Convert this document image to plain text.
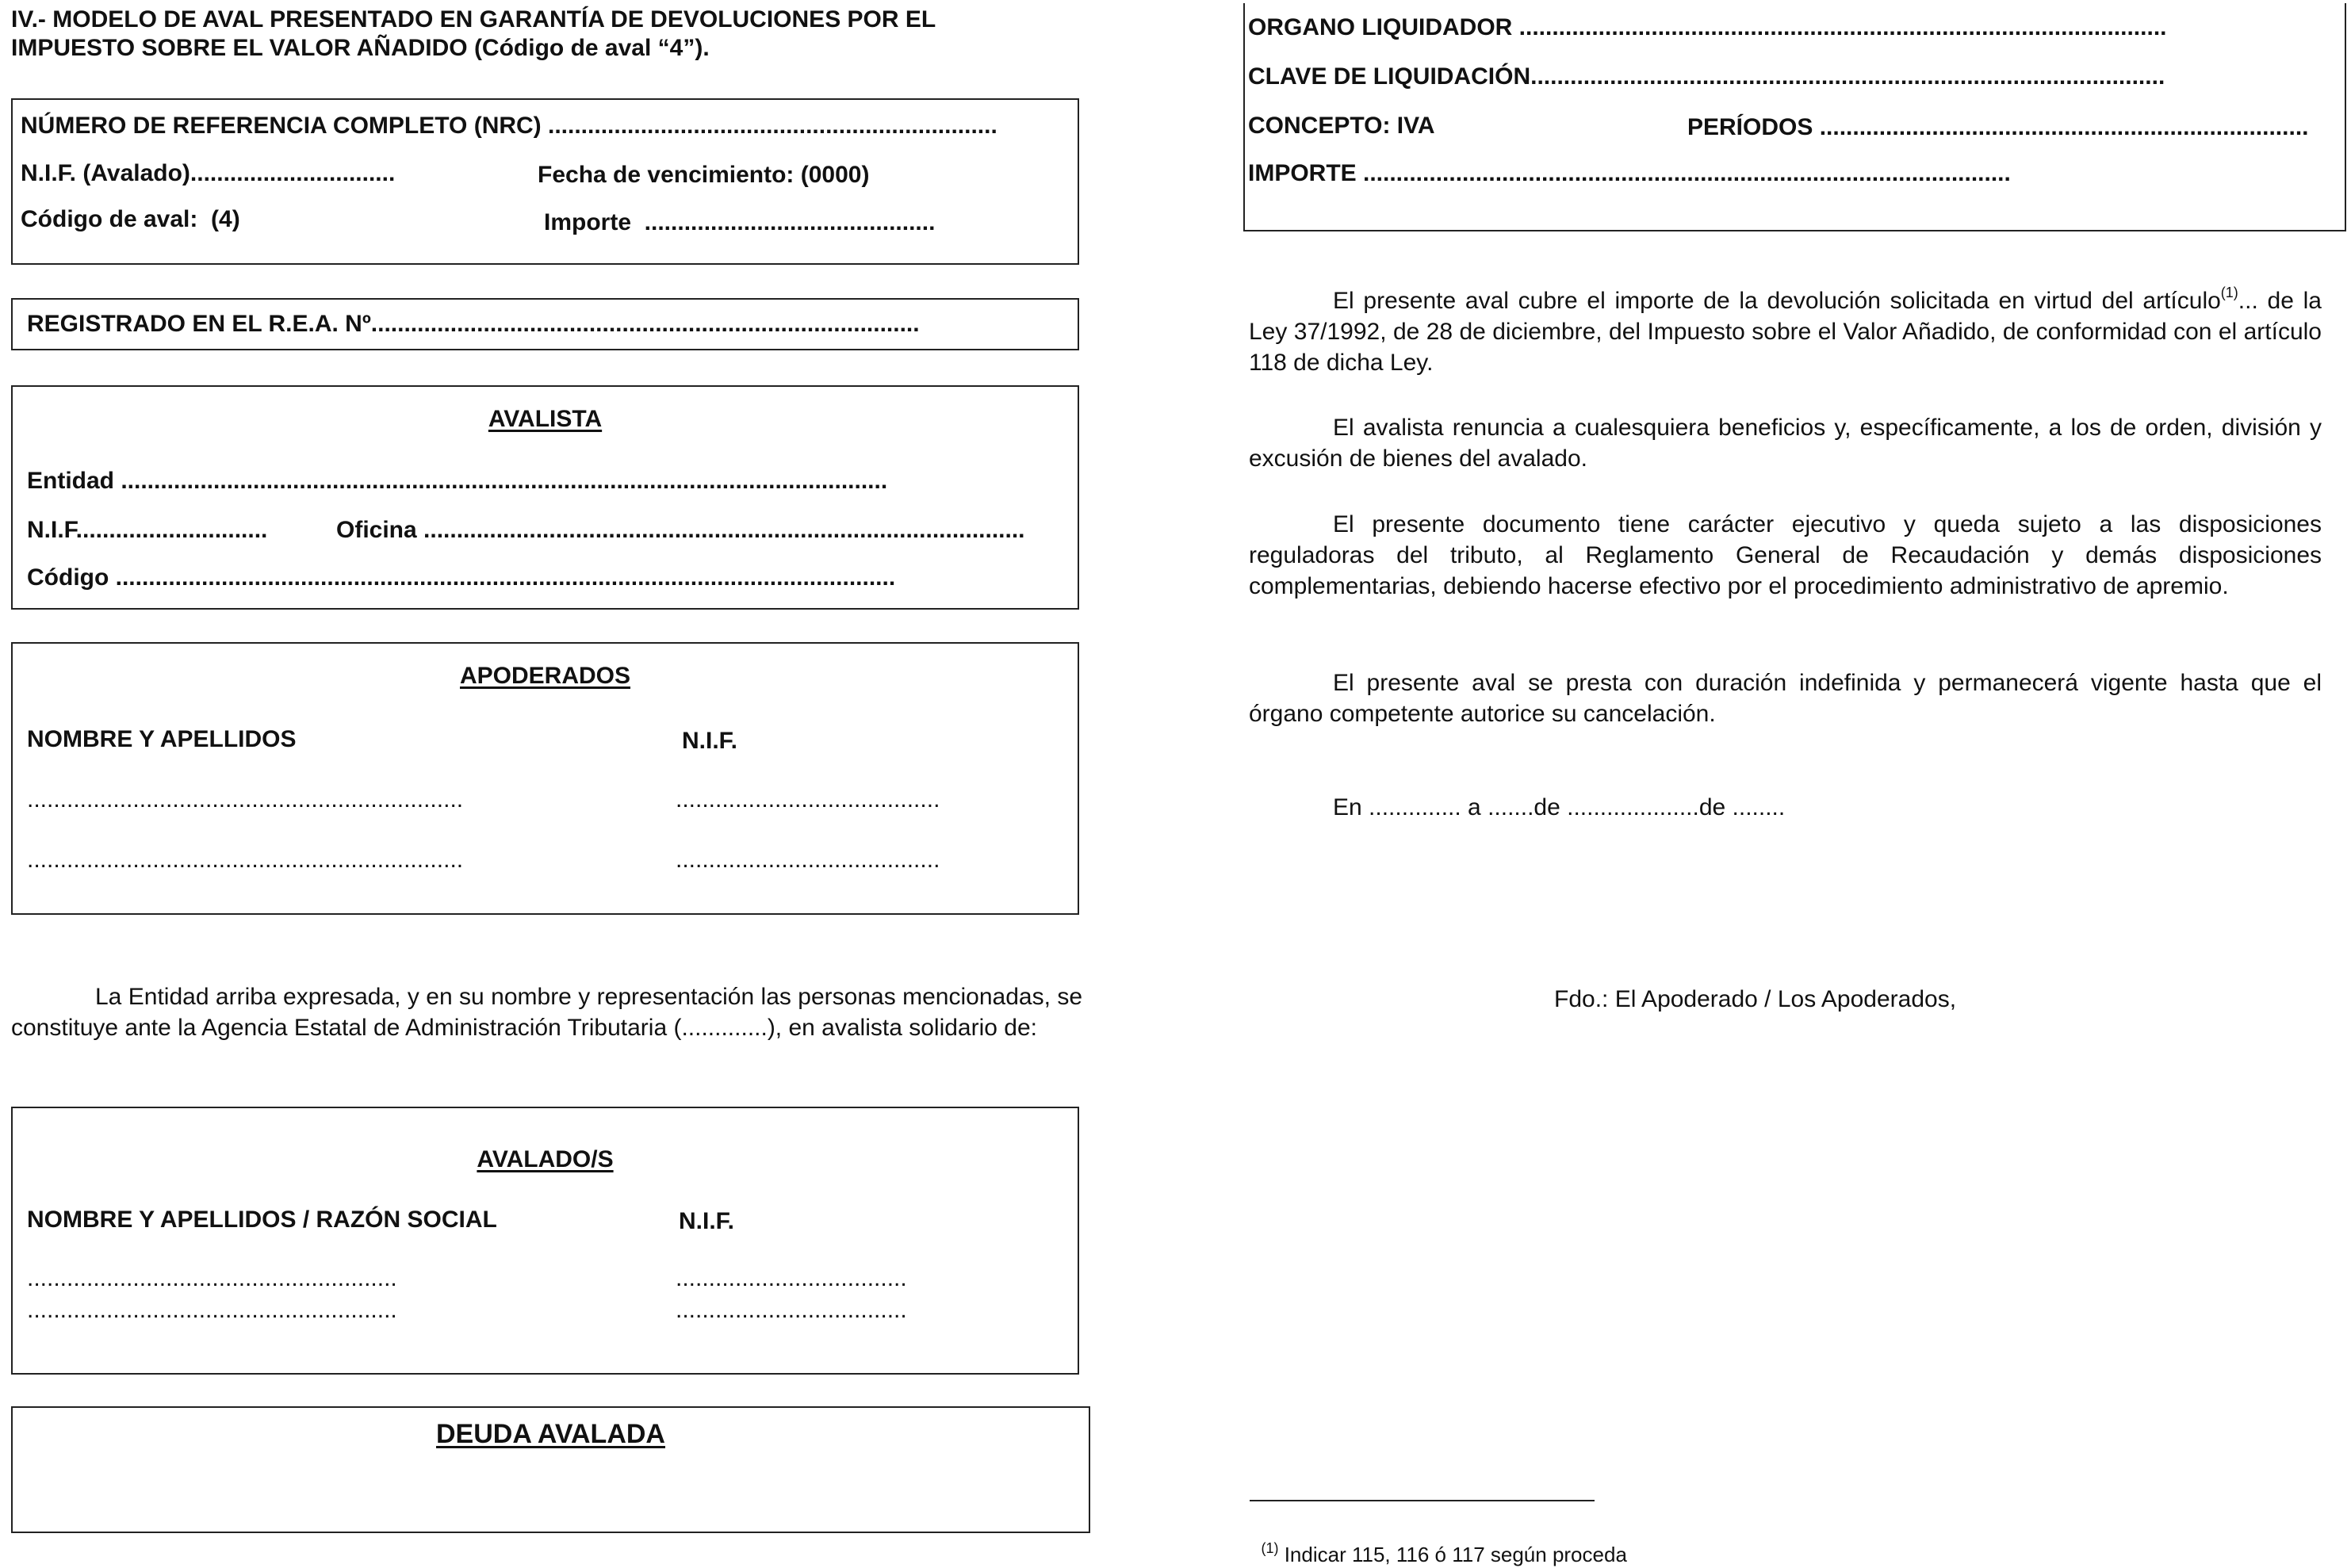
IV.- MODELO DE AVAL PRESENTADO EN GARANTÍA DE DEVOLUCIONES POR EL
IMPUESTO SOBRE EL VALOR AÑADIDO (Código de aval “4”).
NÚMERO DE REFERENCIA COMPLETO (NRC) ....................................................................
N.I.F. (Avalado)...............................	Fecha de vencimiento: (0000)
Código de aval:  (4)	Importe  ............................................
REGISTRADO EN EL R.E.A. Nº...................................................................................
AVALISTA
Entidad ....................................................................................................................
N.I.F.............................	Oficina ...........................................................................................
Código ......................................................................................................................
APODERADOS
NOMBRE Y APELLIDOS	N.I.F.
..................................................................	........................................
..................................................................	........................................
La Entidad arriba expresada, y en su nombre y representación las personas mencionadas, se constituye ante la Agencia Estatal de Administración Tributaria (.............), en avalista solidario de:
AVALADO/S
NOMBRE Y APELLIDOS / RAZÓN SOCIAL	N.I.F.
........................................................	...................................
........................................................	...................................
DEUDA AVALADA
ORGANO LIQUIDADOR ..................................................................................................
CLAVE DE LIQUIDACIÓN................................................................................................
CONCEPTO: IVA	PERÍODOS ..........................................................................
IMPORTE ..................................................................................................
El presente aval cubre el importe de la devolución solicitada en virtud del artículo$^{(1)}$... de la Ley 37/1992, de 28 de diciembre, del Impuesto sobre el Valor Añadido, de conformidad con el artículo 118 de dicha Ley.
El avalista renuncia a cualesquiera beneficios y, específicamente, a los de orden, división y excusión de bienes del avalado.
El presente documento tiene carácter ejecutivo y queda sujeto a las disposiciones reguladoras del tributo, al Reglamento General de Recaudación y demás disposiciones complementarias, debiendo hacerse efectivo por el procedimiento administrativo de apremio.
El presente aval se presta con duración indefinida y permanecerá vigente hasta que el órgano competente autorice su cancelación.
En .............. a .......de ....................de ........
Fdo.: El Apoderado / Los Apoderados,

$^{(1)}$ Indicar 115, 116 ó 117 según proceda
